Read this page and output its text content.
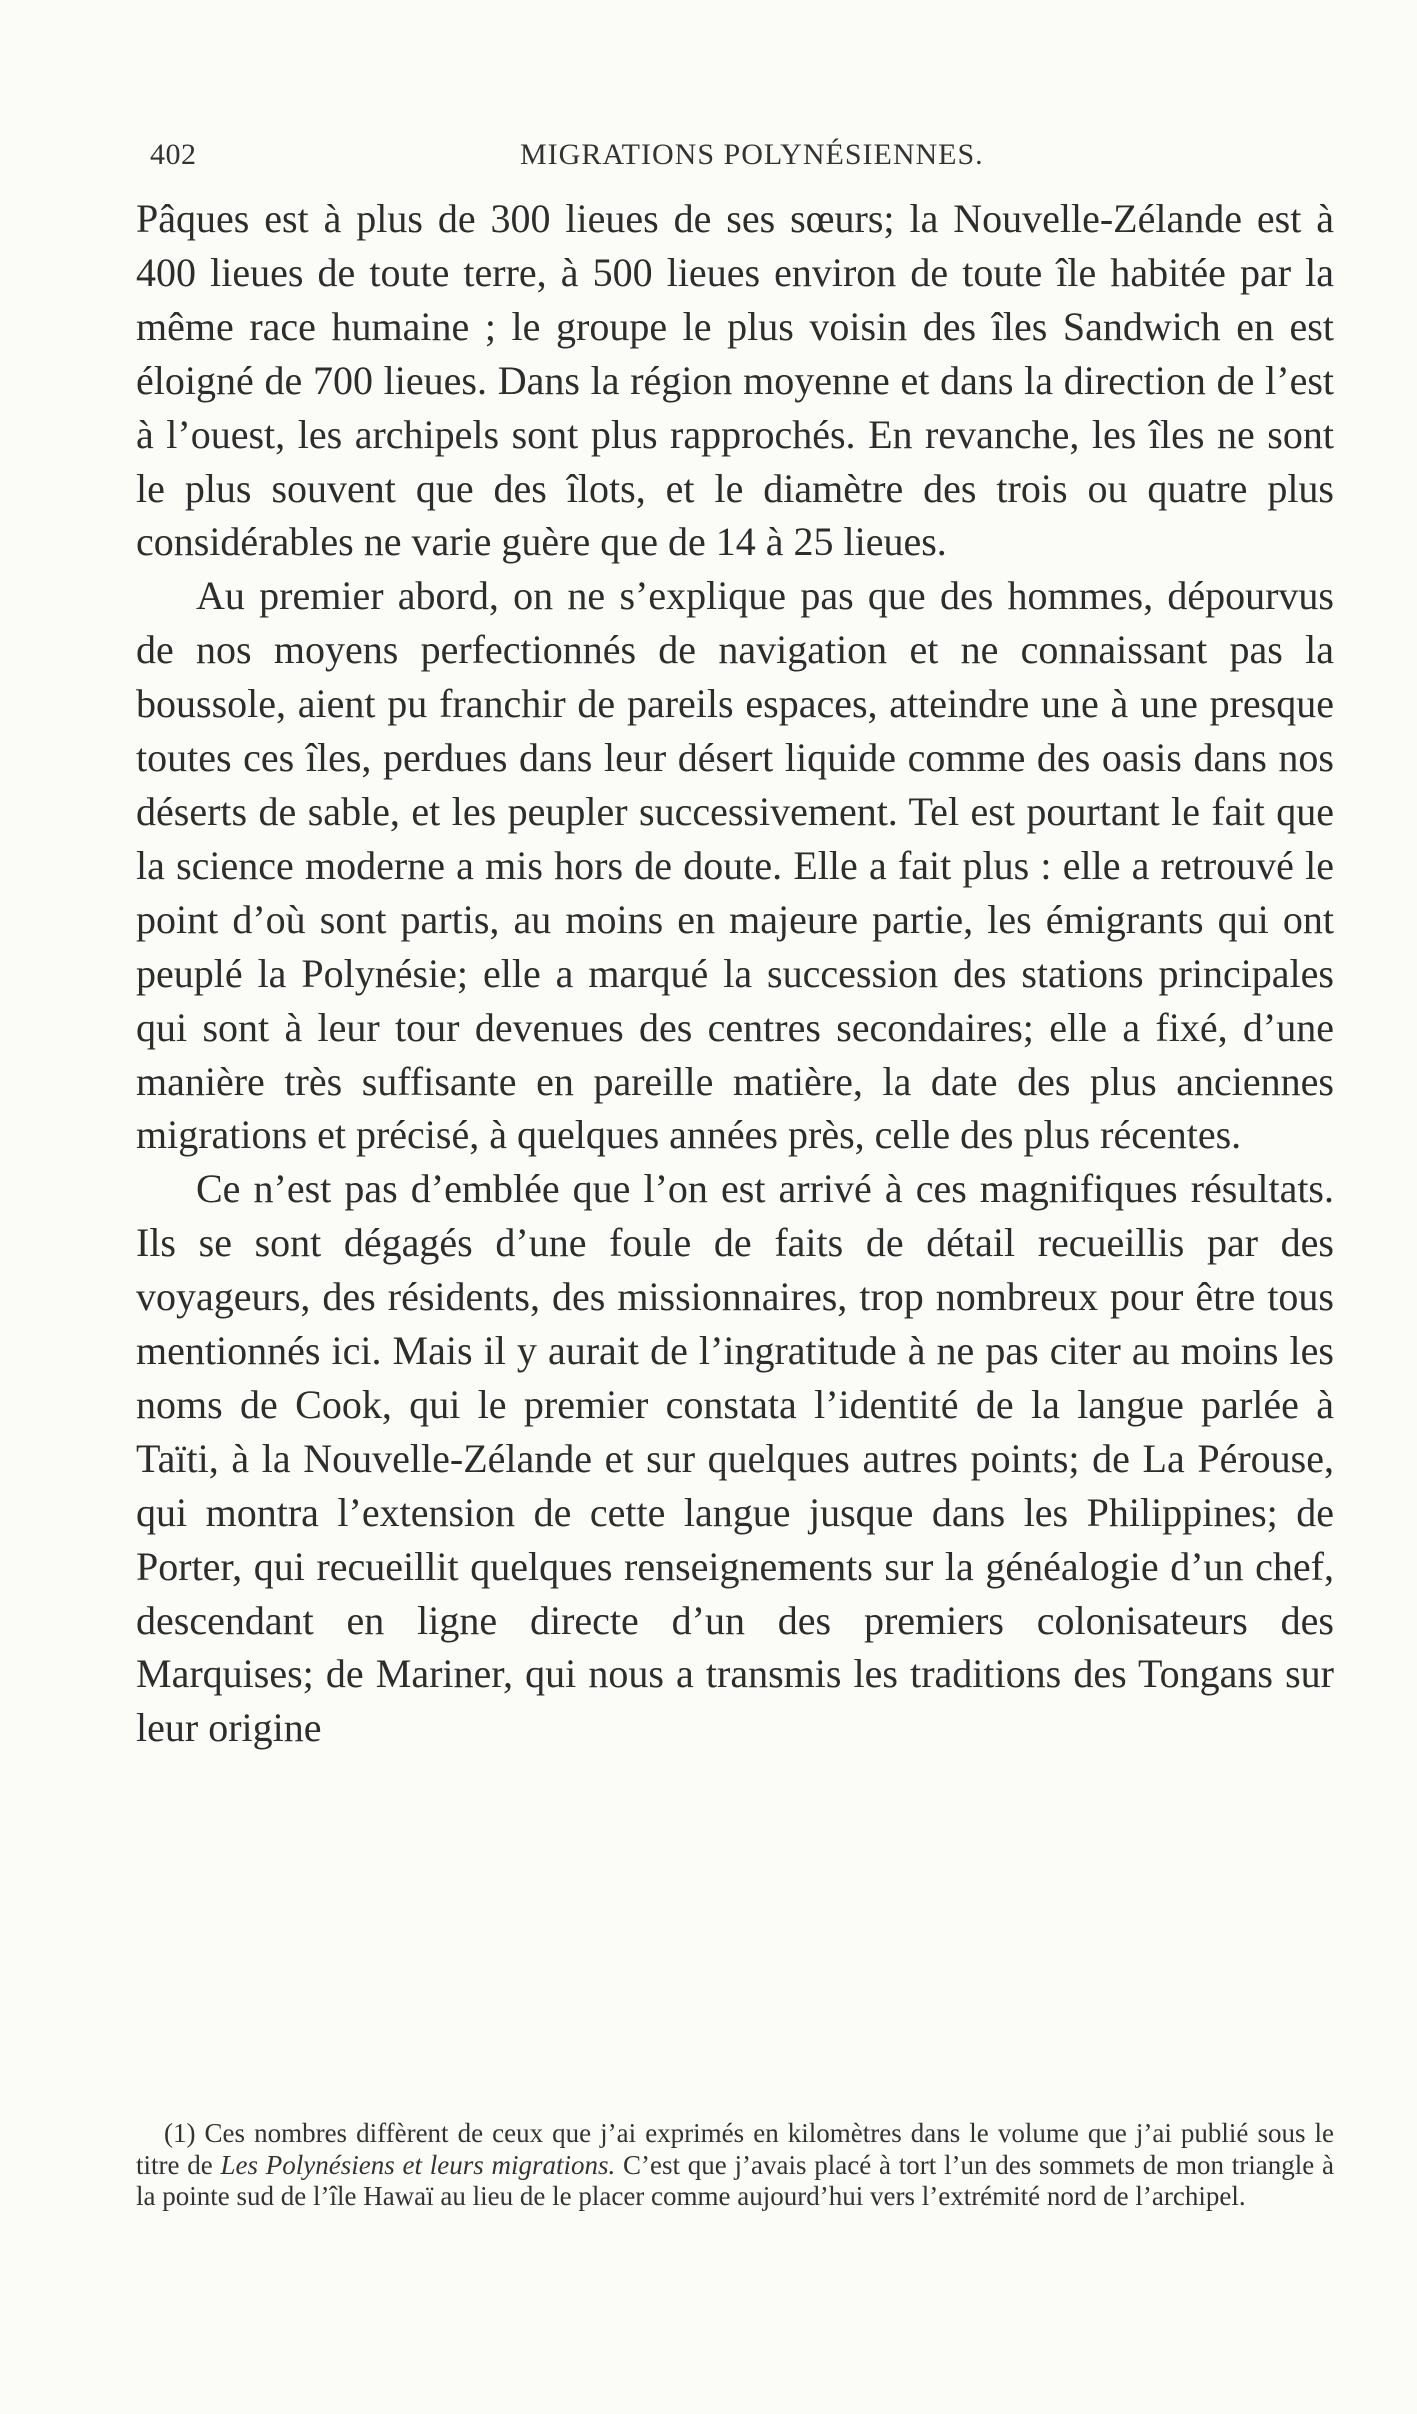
402	MIGRATIONS POLYNÉSIENNES.

Pâques est à plus de 300 lieues de ses sœurs; la Nouvelle-Zélande est à 400 lieues de toute terre, à 500 lieues environ de toute île habitée par la même race humaine ; le groupe le plus voisin des îles Sandwich en est éloigné de 700 lieues. Dans la région moyenne et dans la direction de l’est à l’ouest, les archipels sont plus rapprochés. En revanche, les îles ne sont le plus souvent que des îlots, et le diamètre des trois ou quatre plus considérables ne varie guère que de 14 à 25 lieues.

Au premier abord, on ne s’explique pas que des hommes, dépourvus de nos moyens perfectionnés de navigation et ne connaissant pas la boussole, aient pu franchir de pareils espaces, atteindre une à une presque toutes ces îles, perdues dans leur désert liquide comme des oasis dans nos déserts de sable, et les peupler successivement. Tel est pourtant le fait que la science moderne a mis hors de doute. Elle a fait plus : elle a retrouvé le point d’où sont partis, au moins en majeure partie, les émigrants qui ont peuplé la Polynésie; elle a marqué la succession des stations principales qui sont à leur tour devenues des centres secondaires; elle a fixé, d’une manière très suffisante en pareille matière, la date des plus anciennes migrations et précisé, à quelques années près, celle des plus récentes.

Ce n’est pas d’emblée que l’on est arrivé à ces magnifiques résultats. Ils se sont dégagés d’une foule de faits de détail recueillis par des voyageurs, des résidents, des missionnaires, trop nombreux pour être tous mentionnés ici. Mais il y aurait de l’ingratitude à ne pas citer au moins les noms de Cook, qui le premier constata l’identité de la langue parlée à Taïti, à la Nouvelle-Zélande et sur quelques autres points; de La Pérouse, qui montra l’extension de cette langue jusque dans les Philippines; de Porter, qui recueillit quelques renseignements sur la généalogie d’un chef, descendant en ligne directe d’un des premiers colonisateurs des Marquises; de Mariner, qui nous a transmis les traditions des Tongans sur leur origine

(1) Ces nombres diffèrent de ceux que j’ai exprimés en kilomètres dans le volume que j’ai publié sous le titre de Les Polynésiens et leurs migrations. C’est que j’avais placé à tort l’un des sommets de mon triangle à la pointe sud de l’île Hawaï au lieu de le placer comme aujourd’hui vers l’extrémité nord de l’archipel.
